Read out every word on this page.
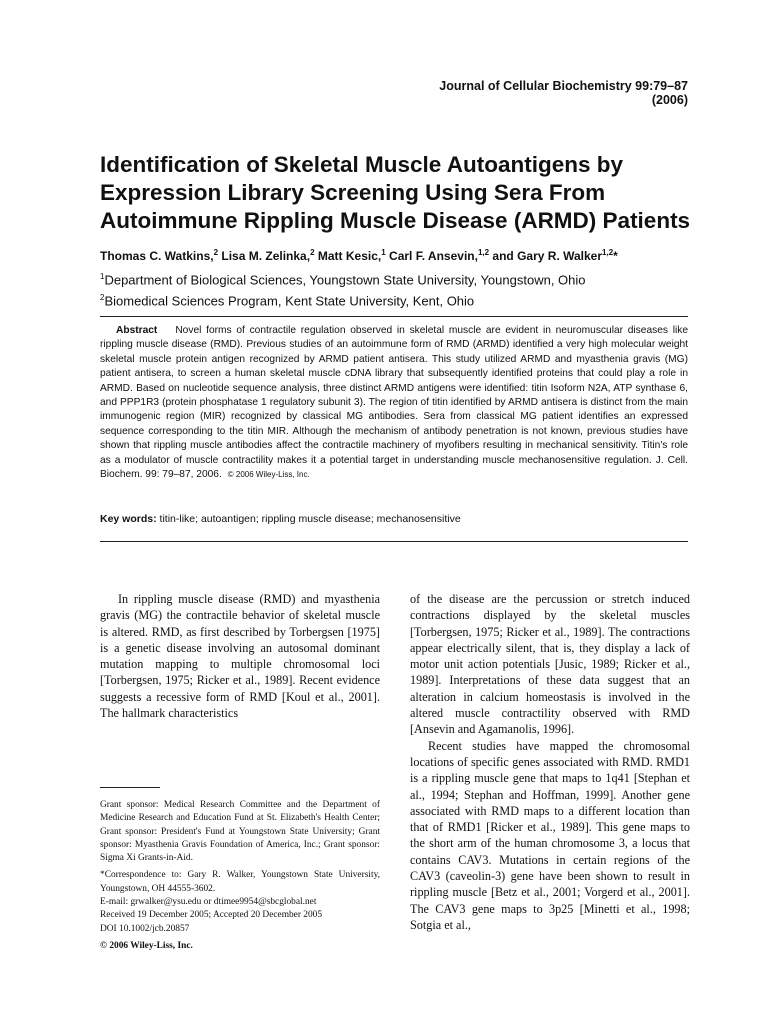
Journal of Cellular Biochemistry 99:79–87 (2006)
Identification of Skeletal Muscle Autoantigens by
Expression Library Screening Using Sera From
Autoimmune Rippling Muscle Disease (ARMD) Patients
Thomas C. Watkins,$^2$ Lisa M. Zelinka,$^2$ Matt Kesic,$^1$ Carl F. Ansevin,$^{1,2}$ and Gary R. Walker$^{1,2}$*
$^1$Department of Biological Sciences, Youngstown State University, Youngstown, Ohio
$^2$Biomedical Sciences Program, Kent State University, Kent, Ohio

Abstract Novel forms of contractile regulation observed in skeletal muscle are evident in neuromuscular diseases like rippling muscle disease (RMD). Previous studies of an autoimmune form of RMD (ARMD) identified a very high molecular weight skeletal muscle protein antigen recognized by ARMD patient antisera. This study utilized ARMD and myasthenia gravis (MG) patient antisera, to screen a human skeletal muscle cDNA library that subsequently identified proteins that could play a role in ARMD. Based on nucleotide sequence analysis, three distinct ARMD antigens were identified: titin Isoform N2A, ATP synthase 6, and PPP1R3 (protein phosphatase 1 regulatory subunit 3). The region of titin identified by ARMD antisera is distinct from the main immunogenic region (MIR) recognized by classical MG antibodies. Sera from classical MG patient identifies an expressed sequence corresponding to the titin MIR. Although the mechanism of antibody penetration is not known, previous studies have shown that rippling muscle antibodies affect the contractile machinery of myofibers resulting in mechanical sensitivity. Titin's role as a modulator of muscle contractility makes it a potential target in understanding muscle mechanosensitive regulation. J. Cell. Biochem. 99: 79–87, 2006. © 2006 Wiley-Liss, Inc.

Key words: titin-like; autoantigen; rippling muscle disease; mechanosensitive

In rippling muscle disease (RMD) and myasthenia gravis (MG) the contractile behavior of skeletal muscle is altered. RMD, as first described by Torbergsen [1975] is a genetic disease involving an autosomal dominant mutation mapping to multiple chromosomal loci [Torbergsen, 1975; Ricker et al., 1989]. Recent evidence suggests a recessive form of RMD [Koul et al., 2001]. The hallmark characteristics

Grant sponsor: Medical Research Committee and the Department of Medicine Research and Education Fund at St. Elizabeth's Health Center; Grant sponsor: President's Fund at Youngstown State University; Grant sponsor: Myasthenia Gravis Foundation of America, Inc.; Grant sponsor: Sigma Xi Grants-in-Aid.

*Correspondence to: Gary R. Walker, Youngstown State University, Youngstown, OH 44555-3602.

E-mail: grwalker@ysu.edu or dtimee9954@sbcglobal.net

Received 19 December 2005; Accepted 20 December 2005

DOI 10.1002/jcb.20857

© 2006 Wiley-Liss, Inc.

of the disease are the percussion or stretch induced contractions displayed by the skeletal muscles [Torbergsen, 1975; Ricker et al., 1989]. The contractions appear electrically silent, that is, they display a lack of motor unit action potentials [Jusic, 1989; Ricker et al., 1989]. Interpretations of these data suggest that an alteration in calcium homeostasis is involved in the altered muscle contractility observed with RMD [Ansevin and Agamanolis, 1996].

Recent studies have mapped the chromosomal locations of specific genes associated with RMD. RMD1 is a rippling muscle gene that maps to 1q41 [Stephan et al., 1994; Stephan and Hoffman, 1999]. Another gene associated with RMD maps to a different location than that of RMD1 [Ricker et al., 1989]. This gene maps to the short arm of the human chromosome 3, a locus that contains CAV3. Mutations in certain regions of the CAV3 (caveolin-3) gene have been shown to result in rippling muscle [Betz et al., 2001; Vorgerd et al., 2001]. The CAV3 gene maps to 3p25 [Minetti et al., 1998; Sotgia et al.,
